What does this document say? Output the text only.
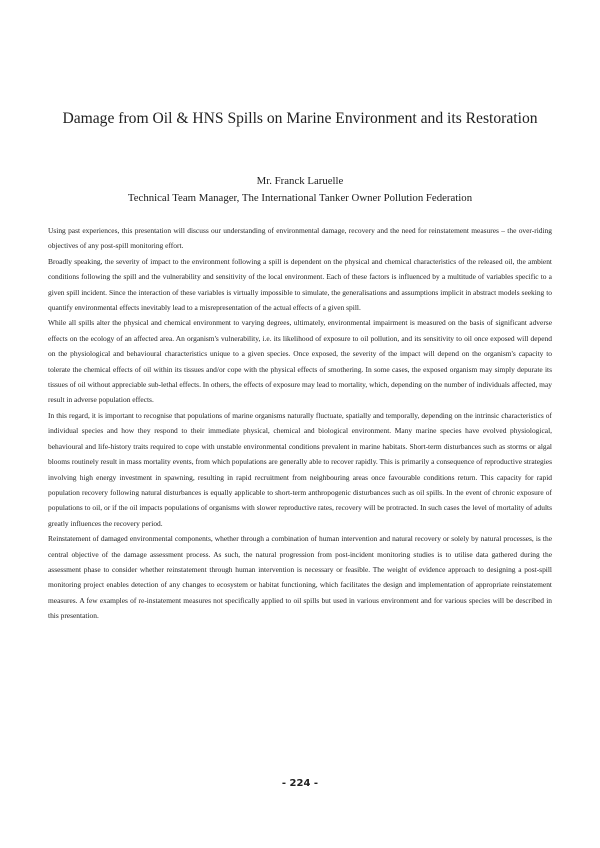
Damage from Oil & HNS Spills on Marine Environment and its Restoration
Mr. Franck Laruelle
Technical Team Manager, The International Tanker Owner Pollution Federation

Using past experiences, this presentation will discuss our understanding of environmental damage, recovery and the need for reinstatement measures – the over-riding objectives of any post-spill monitoring effort.

Broadly speaking, the severity of impact to the environment following a spill is dependent on the physical and chemical characteristics of the released oil, the ambient conditions following the spill and the vulnerability and sensitivity of the local environment. Each of these factors is influenced by a multitude of variables specific to a given spill incident. Since the interaction of these variables is virtually impossible to simulate, the generalisations and assumptions implicit in abstract models seeking to quantify environmental effects inevitably lead to a misrepresentation of the actual effects of a given spill.

While all spills alter the physical and chemical environment to varying degrees, ultimately, environmental impairment is measured on the basis of significant adverse effects on the ecology of an affected area. An organism's vulnerability, i.e. its likelihood of exposure to oil pollution, and its sensitivity to oil once exposed will depend on the physiological and behavioural characteristics unique to a given species. Once exposed, the severity of the impact will depend on the organism's capacity to tolerate the chemical effects of oil within its tissues and/or cope with the physical effects of smothering. In some cases, the exposed organism may simply depurate its tissues of oil without appreciable sub-lethal effects. In others, the effects of exposure may lead to mortality, which, depending on the number of individuals affected, may result in adverse population effects.

In this regard, it is important to recognise that populations of marine organisms naturally fluctuate, spatially and temporally, depending on the intrinsic characteristics of individual species and how they respond to their immediate physical, chemical and biological environment. Many marine species have evolved physiological, behavioural and life-history traits required to cope with unstable environmental conditions prevalent in marine habitats. Short-term disturbances such as storms or algal blooms routinely result in mass mortality events, from which populations are generally able to recover rapidly. This is primarily a consequence of reproductive strategies involving high energy investment in spawning, resulting in rapid recruitment from neighbouring areas once favourable conditions return. This capacity for rapid population recovery following natural disturbances is equally applicable to short-term anthropogenic disturbances such as oil spills. In the event of chronic exposure of populations to oil, or if the oil impacts populations of organisms with slower reproductive rates, recovery will be protracted. In such cases the level of mortality of adults greatly influences the recovery period.

Reinstatement of damaged environmental components, whether through a combination of human intervention and natural recovery or solely by natural processes, is the central objective of the damage assessment process. As such, the natural progression from post-incident monitoring studies is to utilise data gathered during the assessment phase to consider whether reinstatement through human intervention is necessary or feasible. The weight of evidence approach to designing a post-spill monitoring project enables detection of any changes to ecosystem or habitat functioning, which facilitates the design and implementation of appropriate reinstatement measures. A few examples of re-instatement measures not specifically applied to oil spills but used in various environment and for various species will be described in this presentation.

- 224 -
